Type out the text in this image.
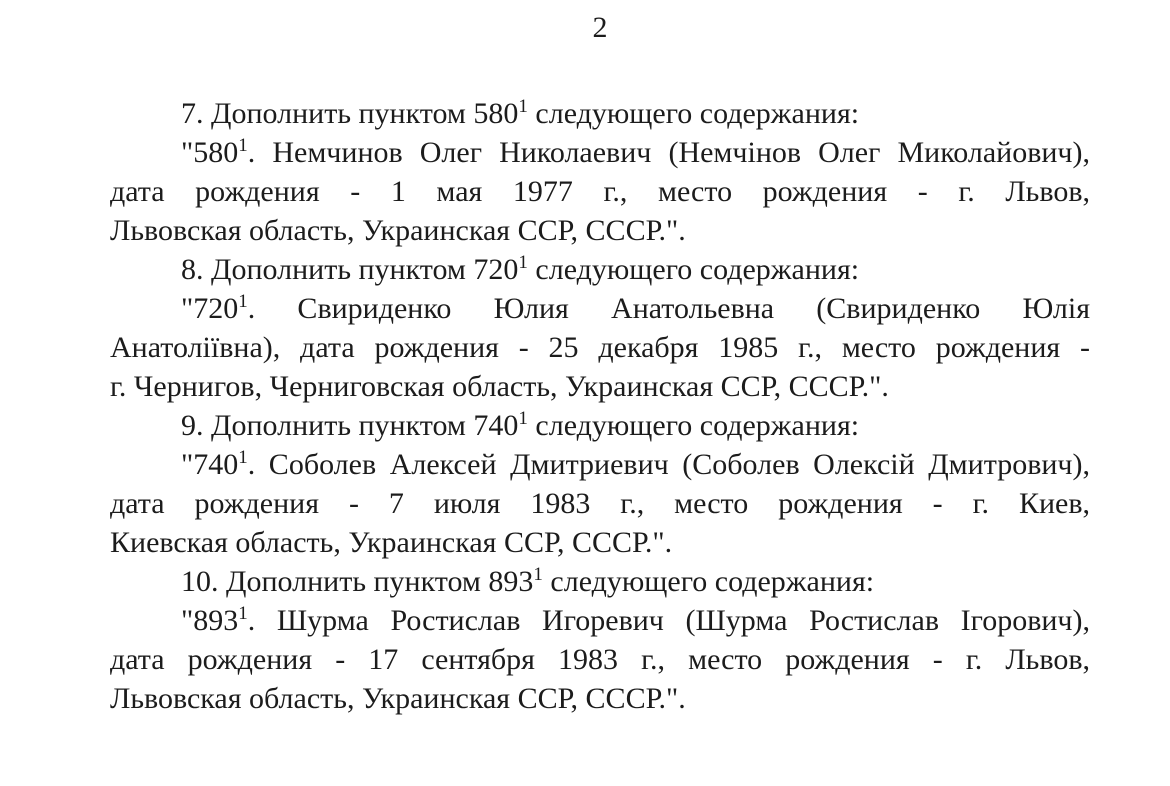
2
7. Дополнить пунктом $580^1$ следующего содержания:
"$580^1$. Немчинов Олег Николаевич (Немчінов Олег Миколайович),
дата рождения - 1 мая 1977 г., место рождения - г. Львов,
Львовская область, Украинская ССР, СССР.".
8. Дополнить пунктом $720^1$ следующего содержания:
"$720^1$. Свириденко Юлия Анатольевна (Свириденко Юлія
Анатоліївна), дата рождения - 25 декабря 1985 г., место рождения -
г. Чернигов, Черниговская область, Украинская ССР, СССР.".
9. Дополнить пунктом $740^1$ следующего содержания:
"$740^1$. Соболев Алексей Дмитриевич (Соболев Олексій Дмитрович),
дата рождения - 7 июля 1983 г., место рождения - г. Киев,
Киевская область, Украинская ССР, СССР.".
10. Дополнить пунктом $893^1$ следующего содержания:
"$893^1$. Шурма Ростислав Игоревич (Шурма Ростислав Ігорович),
дата рождения - 17 сентября 1983 г., место рождения - г. Львов,
Львовская область, Украинская ССР, СССР.".
